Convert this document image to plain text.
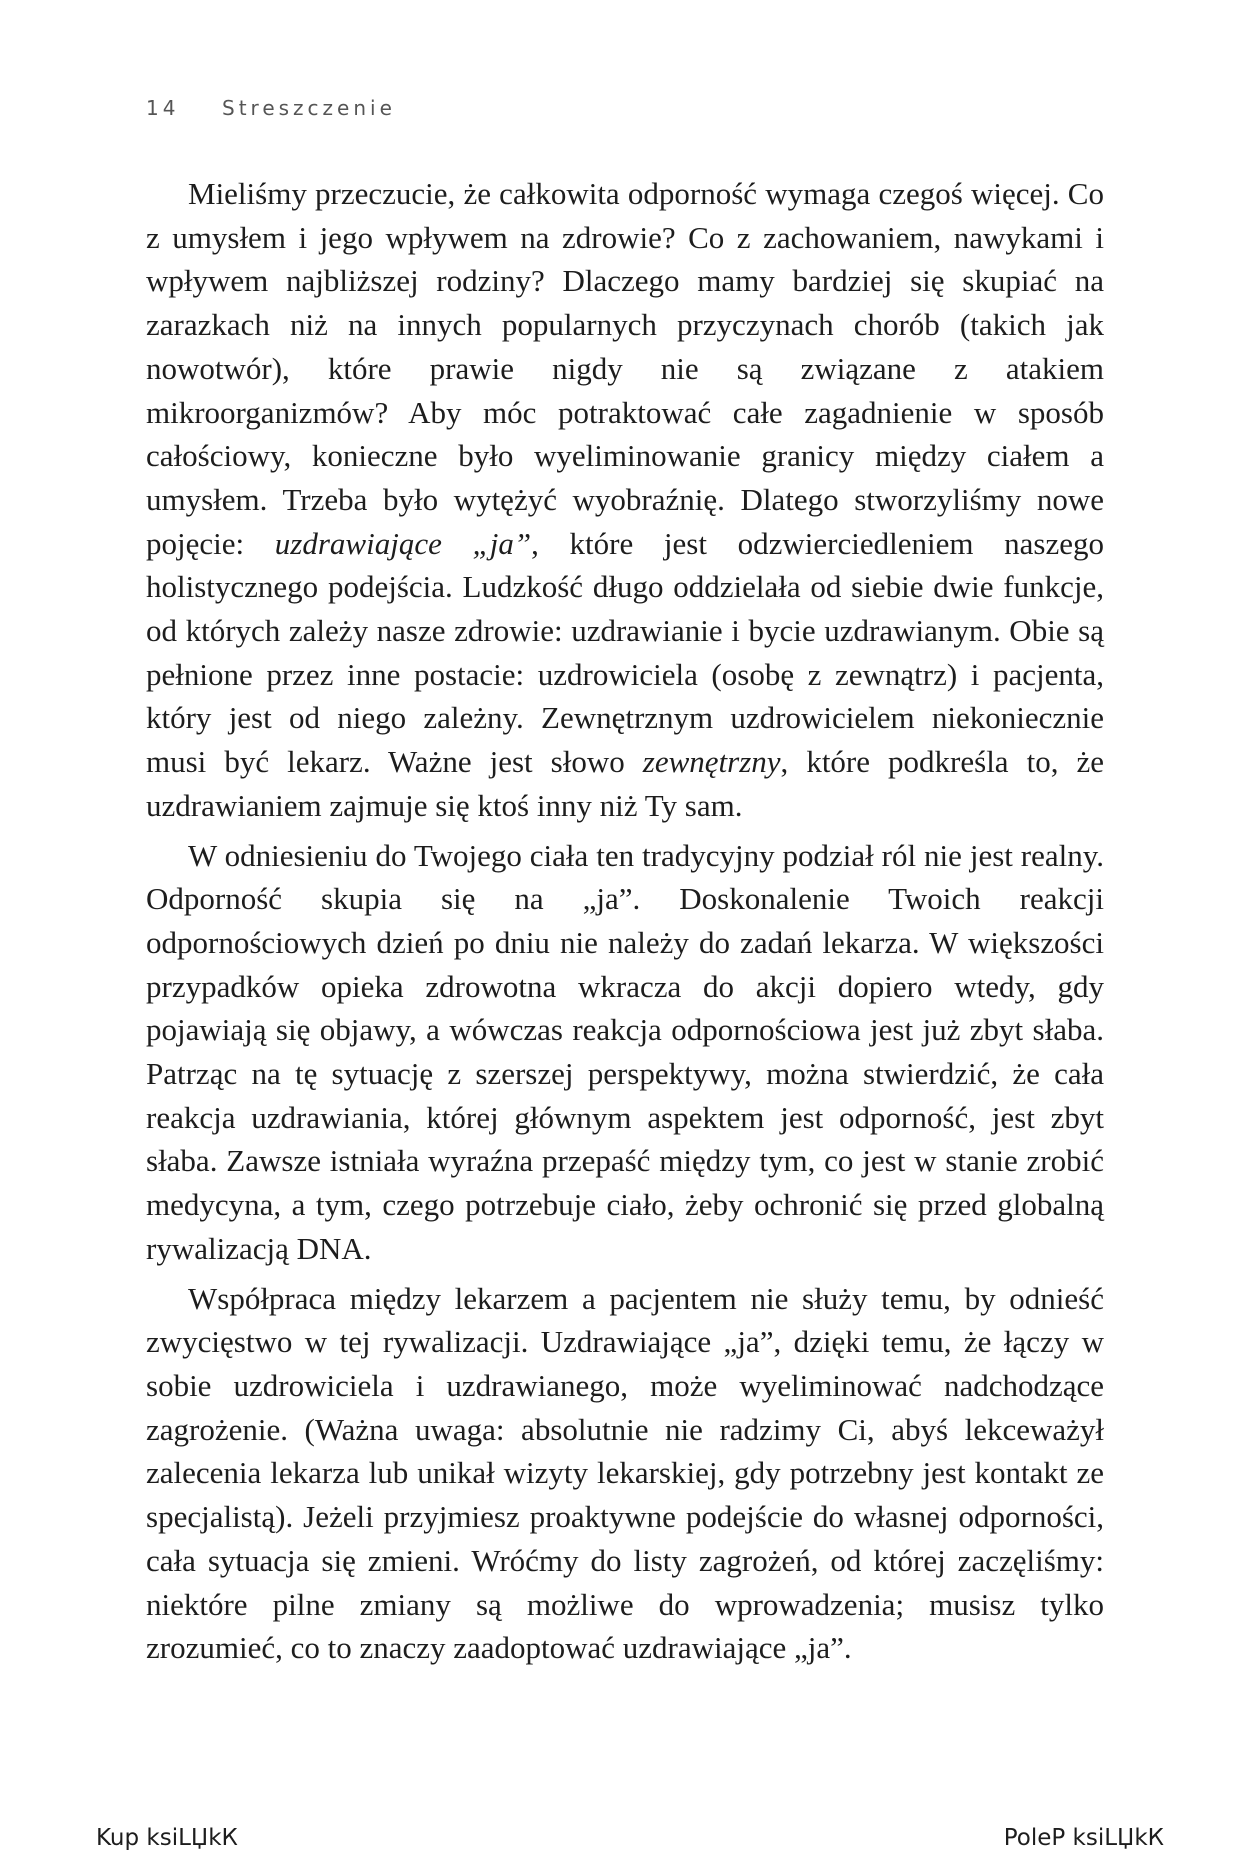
14 Streszczenie

Mieliśmy przeczucie, że całkowita odporność wymaga czegoś więcej. Co z umysłem i jego wpływem na zdrowie? Co z zachowaniem, nawykami i wpływem najbliższej rodziny? Dlaczego mamy bardziej się skupiać na zarazkach niż na innych popularnych przyczynach chorób (takich jak nowotwór), które prawie nigdy nie są związane z atakiem mikroorganizmów? Aby móc potraktować całe zagadnienie w sposób całościowy, konieczne było wyeliminowanie granicy między ciałem a umysłem. Trzeba było wytężyć wyobraźnię. Dlatego stworzyliśmy nowe pojęcie: uzdrawiające „ja”, które jest odzwierciedleniem naszego holistycznego podejścia. Ludzkość długo oddzielała od siebie dwie funkcje, od których zależy nasze zdrowie: uzdrawianie i bycie uzdrawianym. Obie są pełnione przez inne postacie: uzdrowiciela (osobę z zewnątrz) i pacjenta, który jest od niego zależny. Zewnętrznym uzdrowicielem niekoniecznie musi być lekarz. Ważne jest słowo zewnętrzny, które podkreśla to, że uzdrawianiem zajmuje się ktoś inny niż Ty sam.

W odniesieniu do Twojego ciała ten tradycyjny podział ról nie jest realny. Odporność skupia się na „ja”. Doskonalenie Twoich reakcji odpornościowych dzień po dniu nie należy do zadań lekarza. W większości przypadków opieka zdrowotna wkracza do akcji dopiero wtedy, gdy pojawiają się objawy, a wówczas reakcja odpornościowa jest już zbyt słaba. Patrząc na tę sytuację z szerszej perspektywy, można stwierdzić, że cała reakcja uzdrawiania, której głównym aspektem jest odporność, jest zbyt słaba. Zawsze istniała wyraźna przepaść między tym, co jest w stanie zrobić medycyna, a tym, czego potrzebuje ciało, żeby ochronić się przed globalną rywalizacją DNA.

Współpraca między lekarzem a pacjentem nie służy temu, by odnieść zwycięstwo w tej rywalizacji. Uzdrawiające „ja”, dzięki temu, że łączy w sobie uzdrowiciela i uzdrawianego, może wyeliminować nadchodzące zagrożenie. (Ważna uwaga: absolutnie nie radzimy Ci, abyś lekceważył zalecenia lekarza lub unikał wizyty lekarskiej, gdy potrzebny jest kontakt ze specjalistą). Jeżeli przyjmiesz proaktywne podejście do własnej odporności, cała sytuacja się zmieni. Wróćmy do listy zagrożeń, od której zaczęliśmy: niektóre pilne zmiany są możliwe do wprowadzenia; musisz tylko zrozumieć, co to znaczy zaadoptować uzdrawiające „ja”.

Kup ksiLЏkК	PoleР ksiLЏkК
